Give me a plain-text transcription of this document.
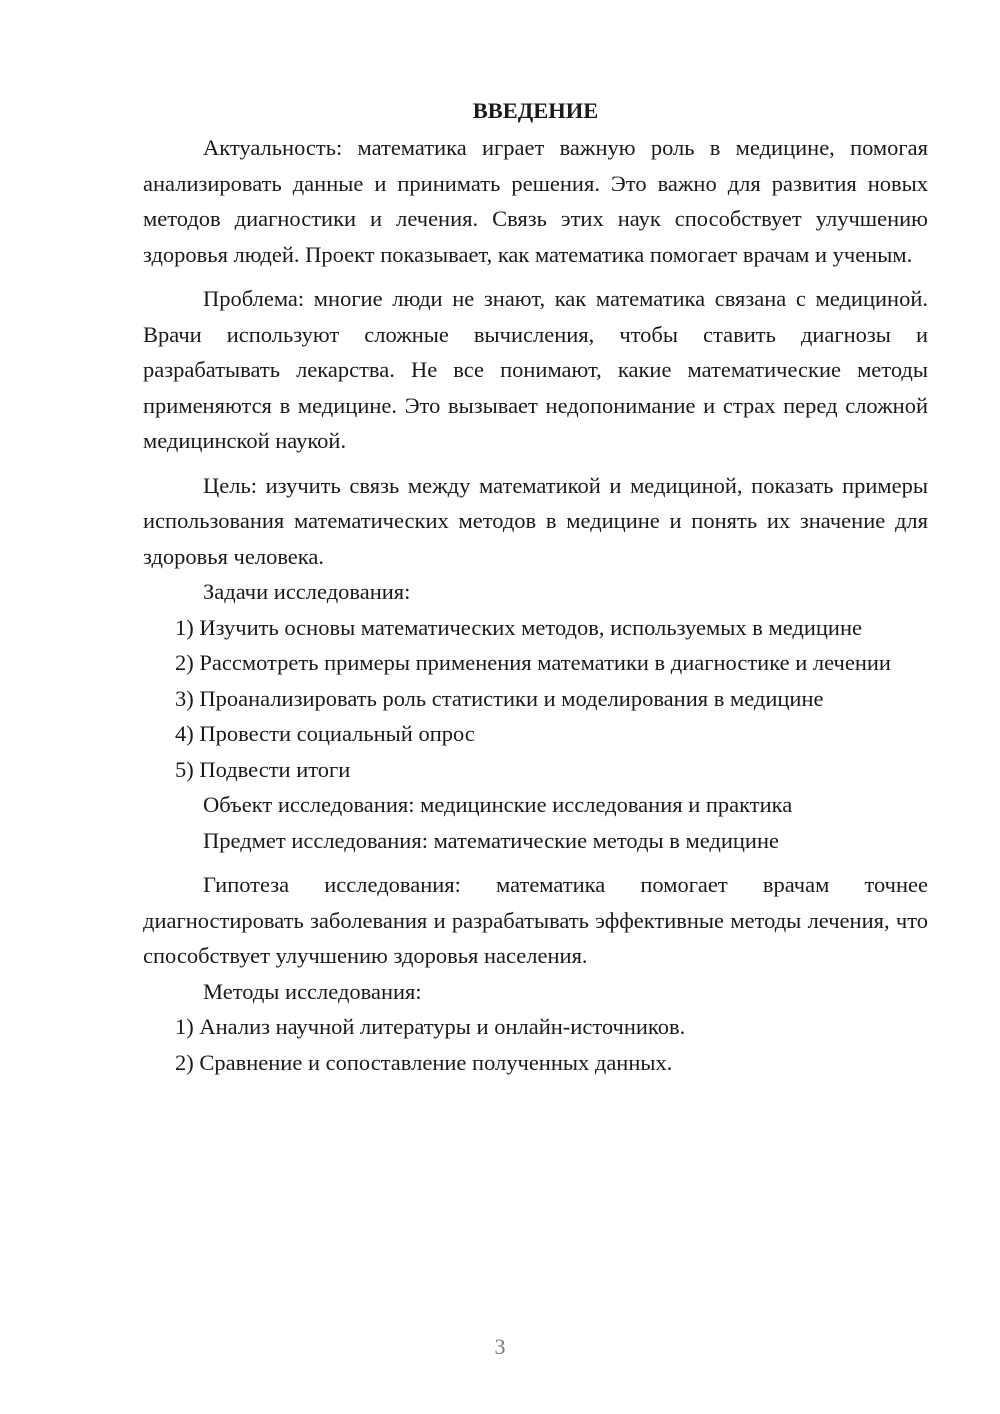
ВВЕДЕНИЕ

Актуальность: математика играет важную роль в медицине, помогая анализировать данные и принимать решения. Это важно для развития новых методов диагностики и лечения. Связь этих наук способствует улучшению здоровья людей. Проект показывает, как математика помогает врачам и ученым.

Проблема: многие люди не знают, как математика связана с медициной. Врачи используют сложные вычисления, чтобы ставить диагнозы и разрабатывать лекарства. Не все понимают, какие математические методы применяются в медицине. Это вызывает недопонимание и страх перед сложной медицинской наукой.

Цель: изучить связь между математикой и медициной, показать примеры использования математических методов в медицине и понять их значение для здоровья человека.

Задачи исследования:

1) Изучить основы математических методов, используемых в медицине

2) Рассмотреть примеры применения математики в диагностике и лечении

3) Проанализировать роль статистики и моделирования в медицине

4) Провести социальный опрос

5) Подвести итоги

Объект исследования: медицинские исследования и практика

Предмет исследования: математические методы в медицине

Гипотеза исследования: математика помогает врачам точнее диагностировать заболевания и разрабатывать эффективные методы лечения, что способствует улучшению здоровья населения.

Методы исследования:

1) Анализ научной литературы и онлайн-источников.

2) Сравнение и сопоставление полученных данных.

3
